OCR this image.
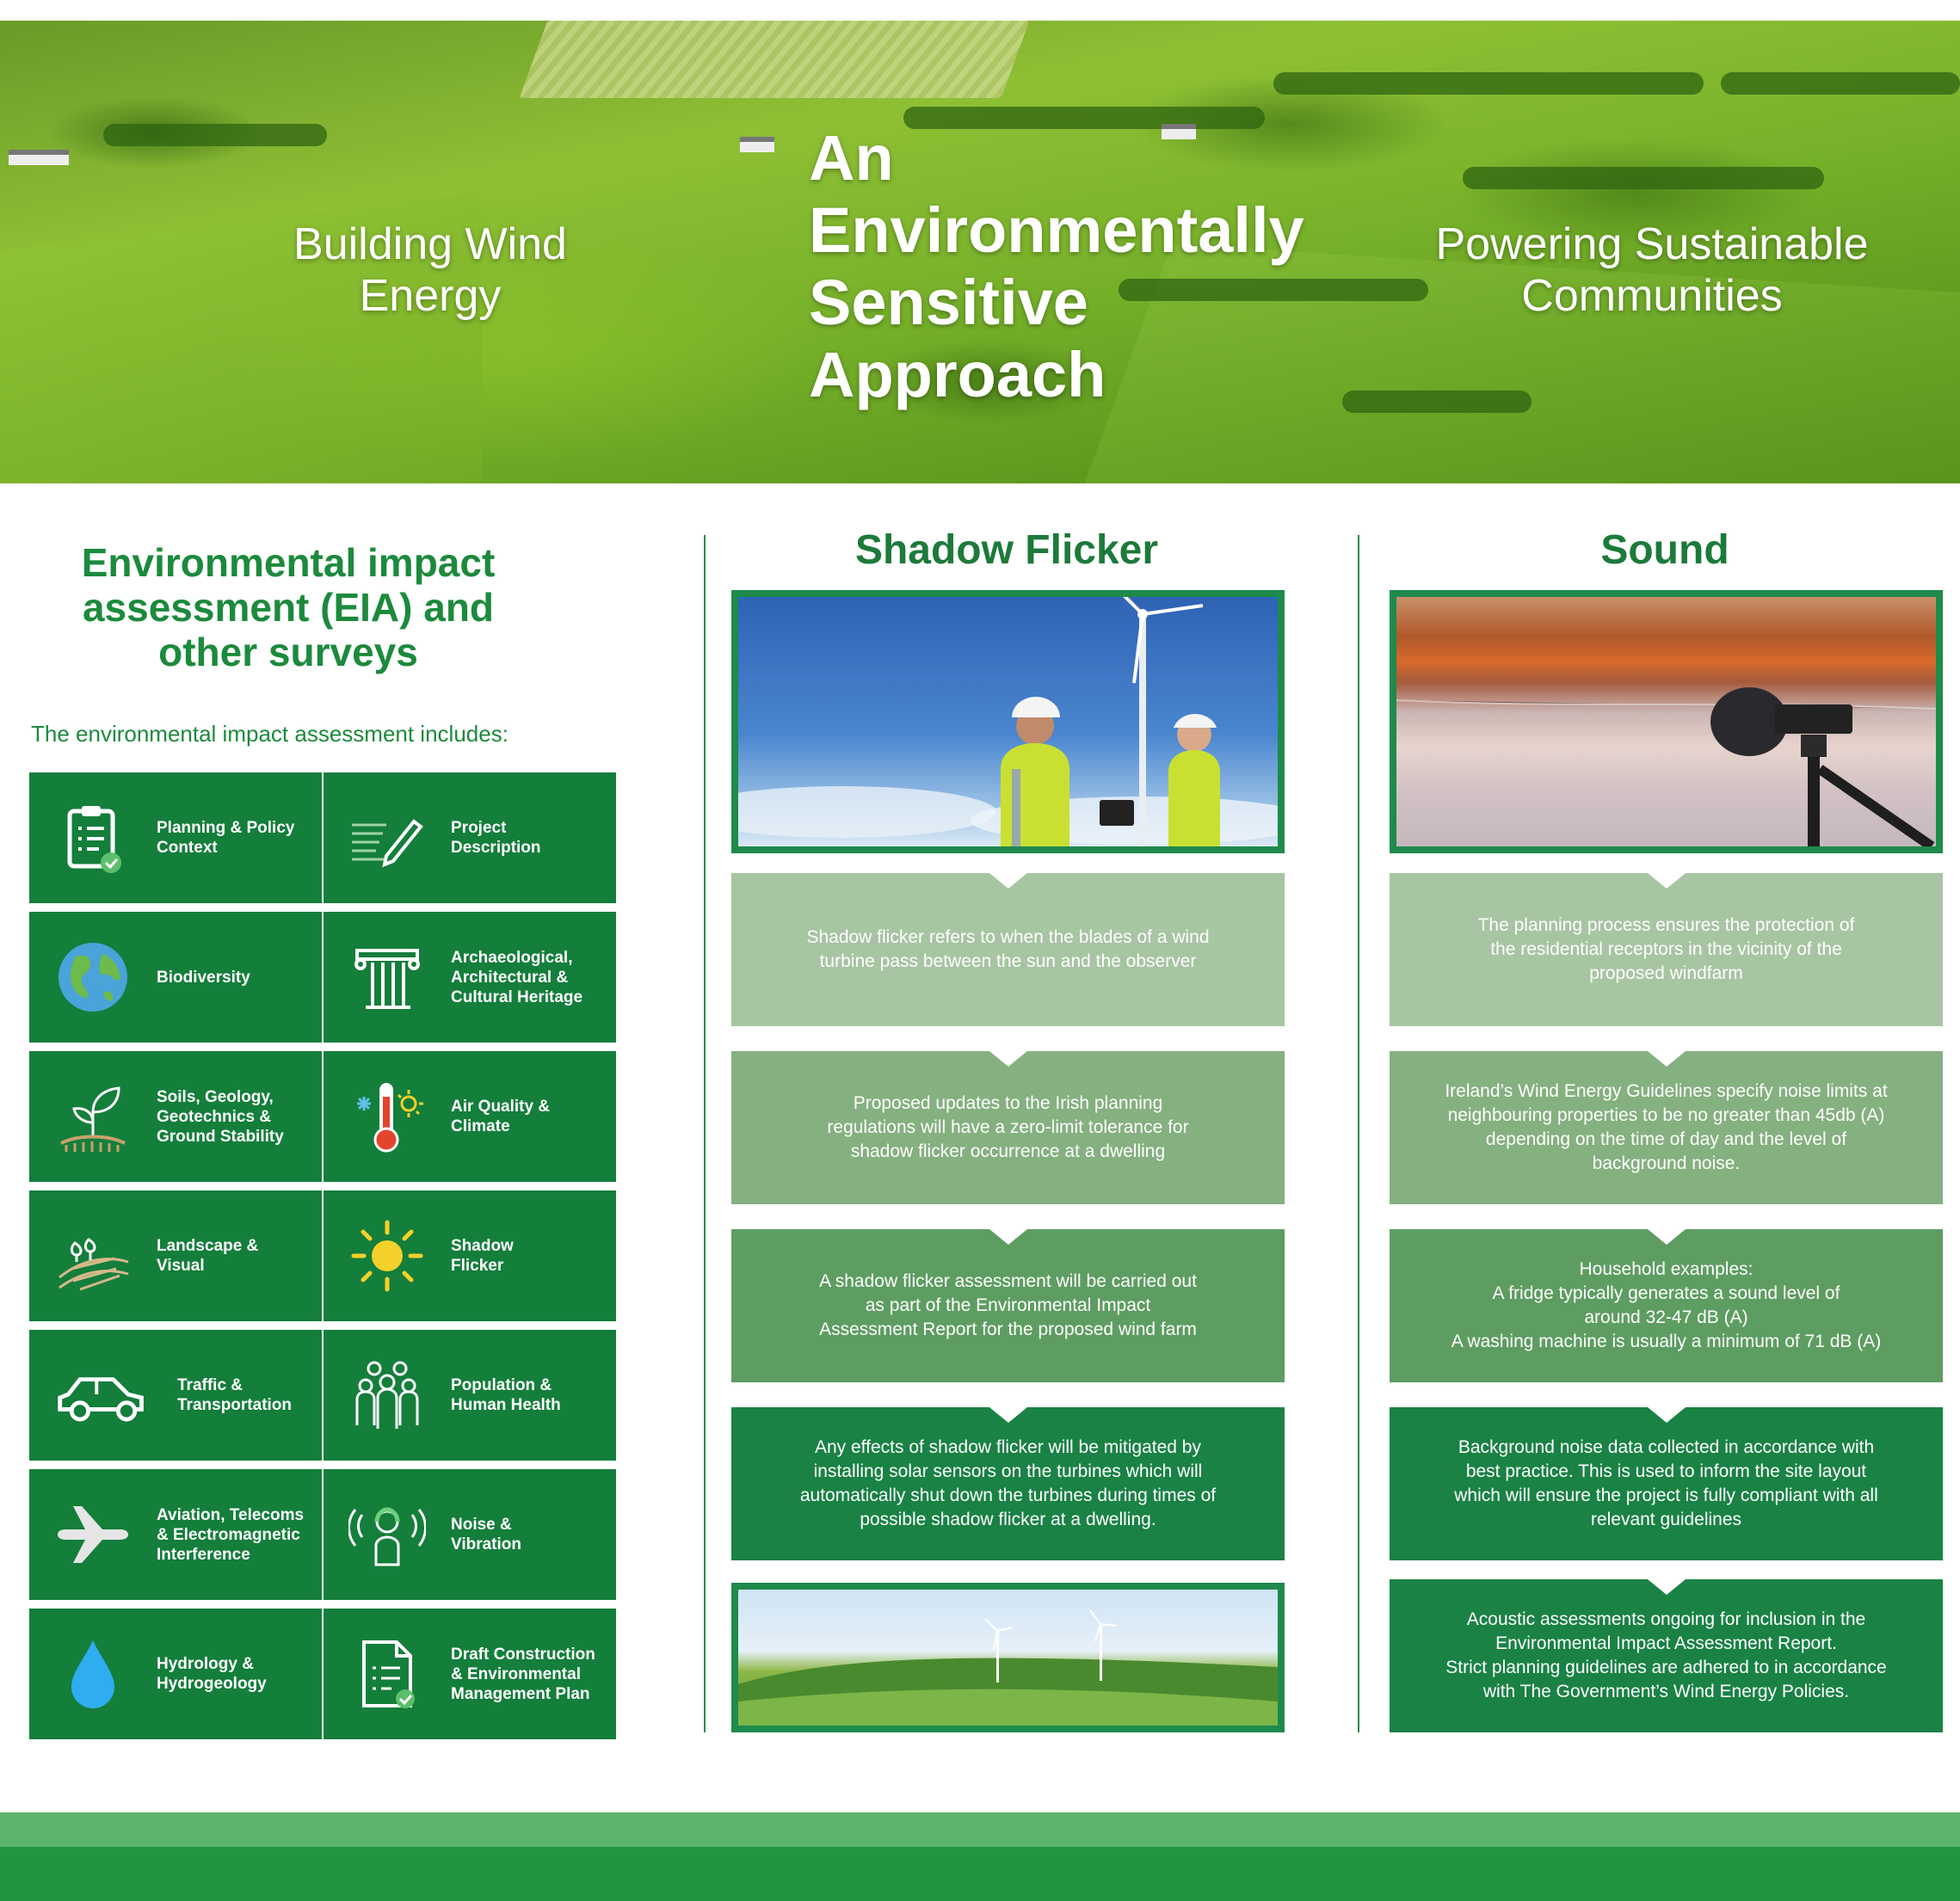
Building Wind
Energy
An
Environmentally
Sensitive
Approach
Powering Sustainable
Communities
Environmental impact
assessment (EIA) and
other surveys
The environmental impact assessment includes:
Planning & Policy
Context
Project
Description
Biodiversity
Archaeological,
Architectural &
Cultural Heritage
Soils, Geology,
Geotechnics &
Ground Stability
Air Quality &
Climate
Landscape &
Visual
Shadow
Flicker
Traffic &
Transportation
Population &
Human Health
Aviation, Telecoms
& Electromagnetic
Interference
Noise &
Vibration
Hydrology &
Hydrogeology
Draft Construction
& Environmental
Management Plan
Shadow Flicker
Shadow flicker refers to when the blades of a wind
turbine pass between the sun and the observer
Proposed updates to the Irish planning
regulations will have a zero-limit tolerance for
shadow flicker occurrence at a dwelling
A shadow flicker assessment will be carried out
as part of the Environmental Impact
Assessment Report for the proposed wind farm
Any effects of shadow flicker will be mitigated by
installing solar sensors on the turbines which will
automatically shut down the turbines during times of
possible shadow flicker at a dwelling.
Sound
The planning process ensures the protection of
the residential receptors in the vicinity of the
proposed windfarm
Ireland’s Wind Energy Guidelines specify noise limits at
neighbouring properties to be no greater than 45db (A)
depending on the time of day and the level of
background noise.
Household examples:
A fridge typically generates a sound level of
around 32-47 dB (A)
A washing machine is usually a minimum of 71 dB (A)
Background noise data collected in accordance with
best practice. This is used to inform the site layout
which will ensure the project is fully compliant with all
relevant guidelines
Acoustic assessments ongoing for inclusion in the
Environmental Impact Assessment Report.
Strict planning guidelines are adhered to in accordance
with The Government’s Wind Energy Policies.
